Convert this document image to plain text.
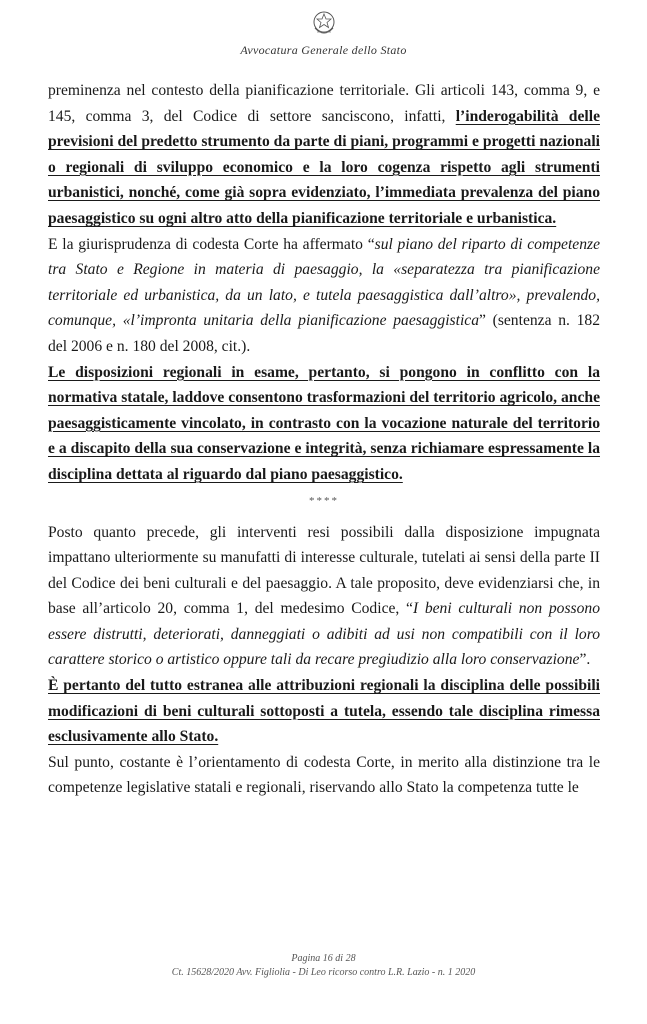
Avvocatura Generale dello Stato

preminenza nel contesto della pianificazione territoriale. Gli articoli 143, comma 9, e 145, comma 3, del Codice di settore sanciscono, infatti, l’inderogabilità delle previsioni del predetto strumento da parte di piani, programmi e progetti nazionali o regionali di sviluppo economico e la loro cogenza rispetto agli strumenti urbanistici, nonché, come già sopra evidenziato, l’immediata prevalenza del piano paesaggistico su ogni altro atto della pianificazione territoriale e urbanistica.

E la giurisprudenza di codesta Corte ha affermato “sul piano del riparto di competenze tra Stato e Regione in materia di paesaggio, la «separatezza tra pianificazione territoriale ed urbanistica, da un lato, e tutela paesaggistica dall’altro», prevalendo, comunque, «l’impronta unitaria della pianificazione paesaggistica” (sentenza n. 182 del 2006 e n. 180 del 2008, cit.).

Le disposizioni regionali in esame, pertanto, si pongono in conflitto con la normativa statale, laddove consentono trasformazioni del territorio agricolo, anche paesaggisticamente vincolato, in contrasto con la vocazione naturale del territorio e a discapito della sua conservazione e integrità, senza richiamare espressamente la disciplina dettata al riguardo dal piano paesaggistico.

****

Posto quanto precede, gli interventi resi possibili dalla disposizione impugnata impattano ulteriormente su manufatti di interesse culturale, tutelati ai sensi della parte II del Codice dei beni culturali e del paesaggio. A tale proposito, deve evidenziarsi che, in base all’articolo 20, comma 1, del medesimo Codice, “I beni culturali non possono essere distrutti, deteriorati, danneggiati o adibiti ad usi non compatibili con il loro carattere storico o artistico oppure tali da recare pregiudizio alla loro conservazione”.

È pertanto del tutto estranea alle attribuzioni regionali la disciplina delle possibili modificazioni di beni culturali sottoposti a tutela, essendo tale disciplina rimessa esclusivamente allo Stato.

Sul punto, costante è l’orientamento di codesta Corte, in merito alla distinzione tra le competenze legislative statali e regionali, riservando allo Stato la competenza tutte le

Pagina 16 di 28
Ct. 15628/2020 Avv. Figliolia - Di Leo ricorso contro L.R. Lazio - n. 1 2020
